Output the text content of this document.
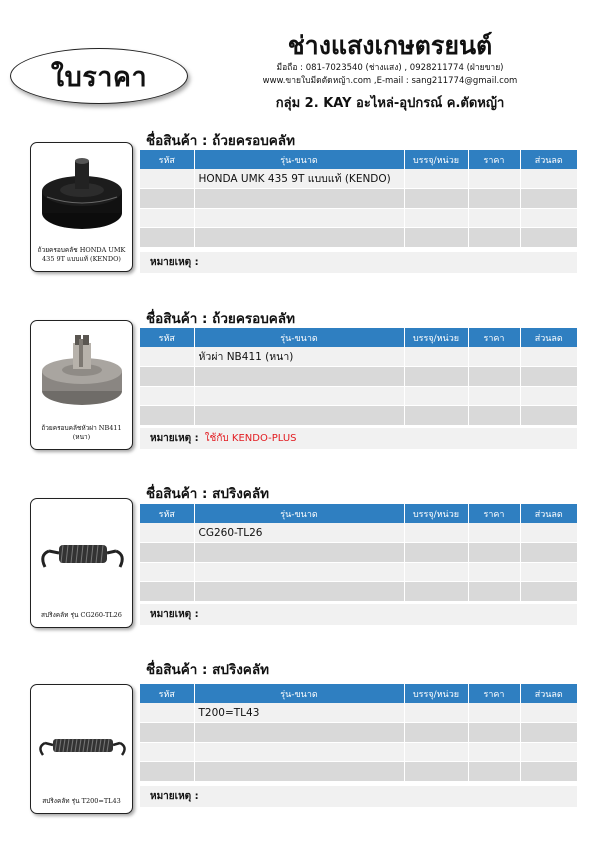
ใบราคา
ช่างแสงเกษตรยนต์
มือถือ : 081-7023540 (ช่างแสง) , 0928211774 (ฝ่ายขาย)
www.ขายใบมีดตัดหญ้า.com ,E-mail : sang211774@gmail.com
กลุ่ม 2. KAY อะไหล่-อุปกรณ์ ค.ตัดหญ้า
ถ้วยครอบคลัช HONDA UMK 435 9T แบบแท้ (KENDO)
ชื่อสินค้า : ถ้วยครอบคลัท
รหัส	รุ่น-ขนาด	บรรจุ/หน่วย	ราคา	ส่วนลด
	HONDA UMK 435 9T แบบแท้ (KENDO)			

หมายเหตุ :
ถ้วยครอบคลัชหัวผ่า NB411 (หนา)
ชื่อสินค้า : ถ้วยครอบคลัท
รหัส	รุ่น-ขนาด	บรรจุ/หน่วย	ราคา	ส่วนลด
	หัวผ่า NB411 (หนา)			

หมายเหตุ : ใช้กับ KENDO-PLUS
สปริงคลัท รุ่น CG260-TL26
ชื่อสินค้า : สปริงคลัท
รหัส	รุ่น-ขนาด	บรรจุ/หน่วย	ราคา	ส่วนลด
	CG260-TL26			

หมายเหตุ :
สปริงคลัท รุ่น T200=TL43
ชื่อสินค้า : สปริงคลัท
รหัส	รุ่น-ขนาด	บรรจุ/หน่วย	ราคา	ส่วนลด
	T200=TL43			

หมายเหตุ :
